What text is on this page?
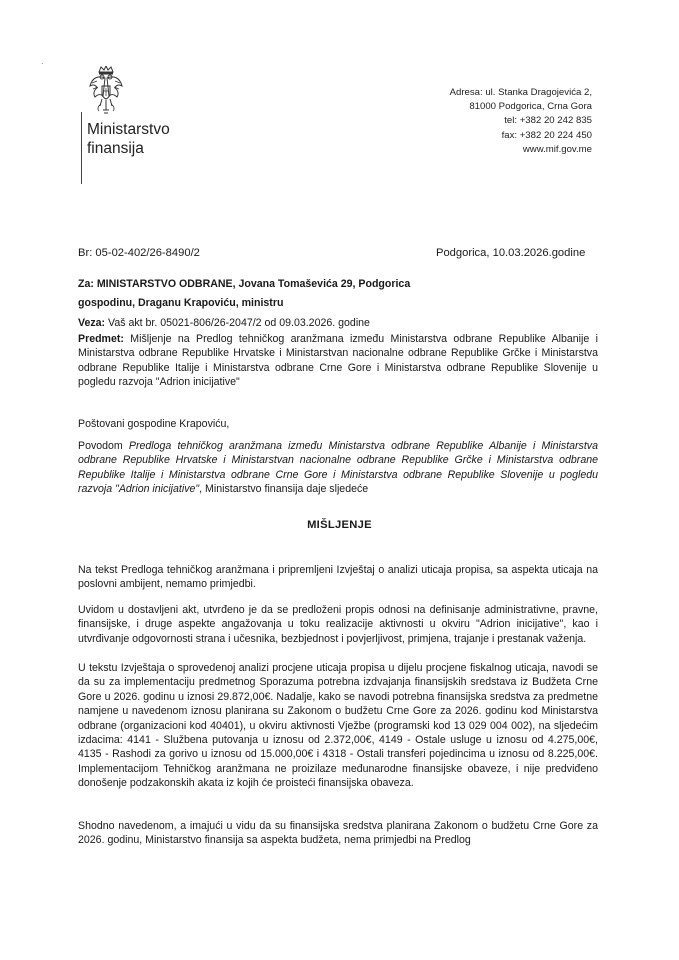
Ministarstvo
finansija
·
Adresa: ul. Stanka Dragojevića 2,
81000 Podgorica, Crna Gora
tel: +382 20 242 835
fax: +382 20 224 450
www.mif.gov.me
Br: 05-02-402/26-8490/2	Podgorica, 10.03.2026.godine

Za: MINISTARSTVO ODBRANE, Jovana Tomaševića 29, Podgorica

gospodinu, Draganu Krapoviću, ministru

Veza: Vaš akt br. 05021-806/26-2047/2 od 09.03.2026. godine

Predmet: Mišljenje na Predlog tehničkog aranžmana između Ministarstva odbrane Republike Albanije i Ministarstva odbrane Republike Hrvatske i Ministarstvan nacionalne odbrane Republike Grčke i Ministarstva odbrane Republike Italije i Ministarstva odbrane Crne Gore i Ministarstva odbrane Republike Slovenije u pogledu razvoja "Adrion inicijative"

Poštovani gospodine Krapoviću,

Povodom Predloga tehničkog aranžmana između Ministarstva odbrane Republike Albanije i Ministarstva odbrane Republike Hrvatske i Ministarstvan nacionalne odbrane Republike Grčke i Ministarstva odbrane Republike Italije i Ministarstva odbrane Crne Gore i Ministarstva odbrane Republike Slovenije u pogledu razvoja "Adrion inicijative", Ministarstvo finansija daje sljedeće

MIŠLJENJE

Na tekst Predloga tehničkog aranžmana i pripremljeni Izvještaj o analizi uticaja propisa, sa aspekta uticaja na poslovni ambijent, nemamo primjedbi.

Uvidom u dostavljeni akt, utvrđeno je da se predloženi propis odnosi na definisanje administrativne, pravne, finansijske, i druge aspekte angažovanja u toku realizacije aktivnosti u okviru "Adrion inicijative", kao i utvrđivanje odgovornosti strana i učesnika, bezbjednost i povjerljivost, primjena, trajanje i prestanak važenja.

U tekstu Izvještaja o sprovedenoj analizi procjene uticaja propisa u dijelu procjene fiskalnog uticaja, navodi se da su za implementaciju predmetnog Sporazuma potrebna izdvajanja finansijskih sredstava iz Budžeta Crne Gore u 2026. godinu u iznosi 29.872,00€. Nadalje, kako se navodi potrebna finansijska sredstva za predmetne namjene u navedenom iznosu planirana su Zakonom o budžetu Crne Gore za 2026. godinu kod Ministarstva odbrane (organizacioni kod 40401), u okviru aktivnosti Vježbe (programski kod 13 029 004 002), na sljedećim izdacima: 4141 - Službena putovanja u iznosu od 2.372,00€, 4149 - Ostale usluge u iznosu od 4.275,00€, 4135 - Rashodi za gorivo u iznosu od 15.000,00€ i 4318 - Ostali transferi pojedincima u iznosu od 8.225,00€. Implementacijom Tehničkog aranžmana ne proizilaze međunarodne finansijske obaveze, i nije predviđeno donošenje podzakonskih akata iz kojih će proisteći finansijska obaveza.

Shodno navedenom, a imajući u vidu da su finansijska sredstva planirana Zakonom o budžetu Crne Gore za 2026. godinu, Ministarstvo finansija sa aspekta budžeta, nema primjedbi na Predlog
